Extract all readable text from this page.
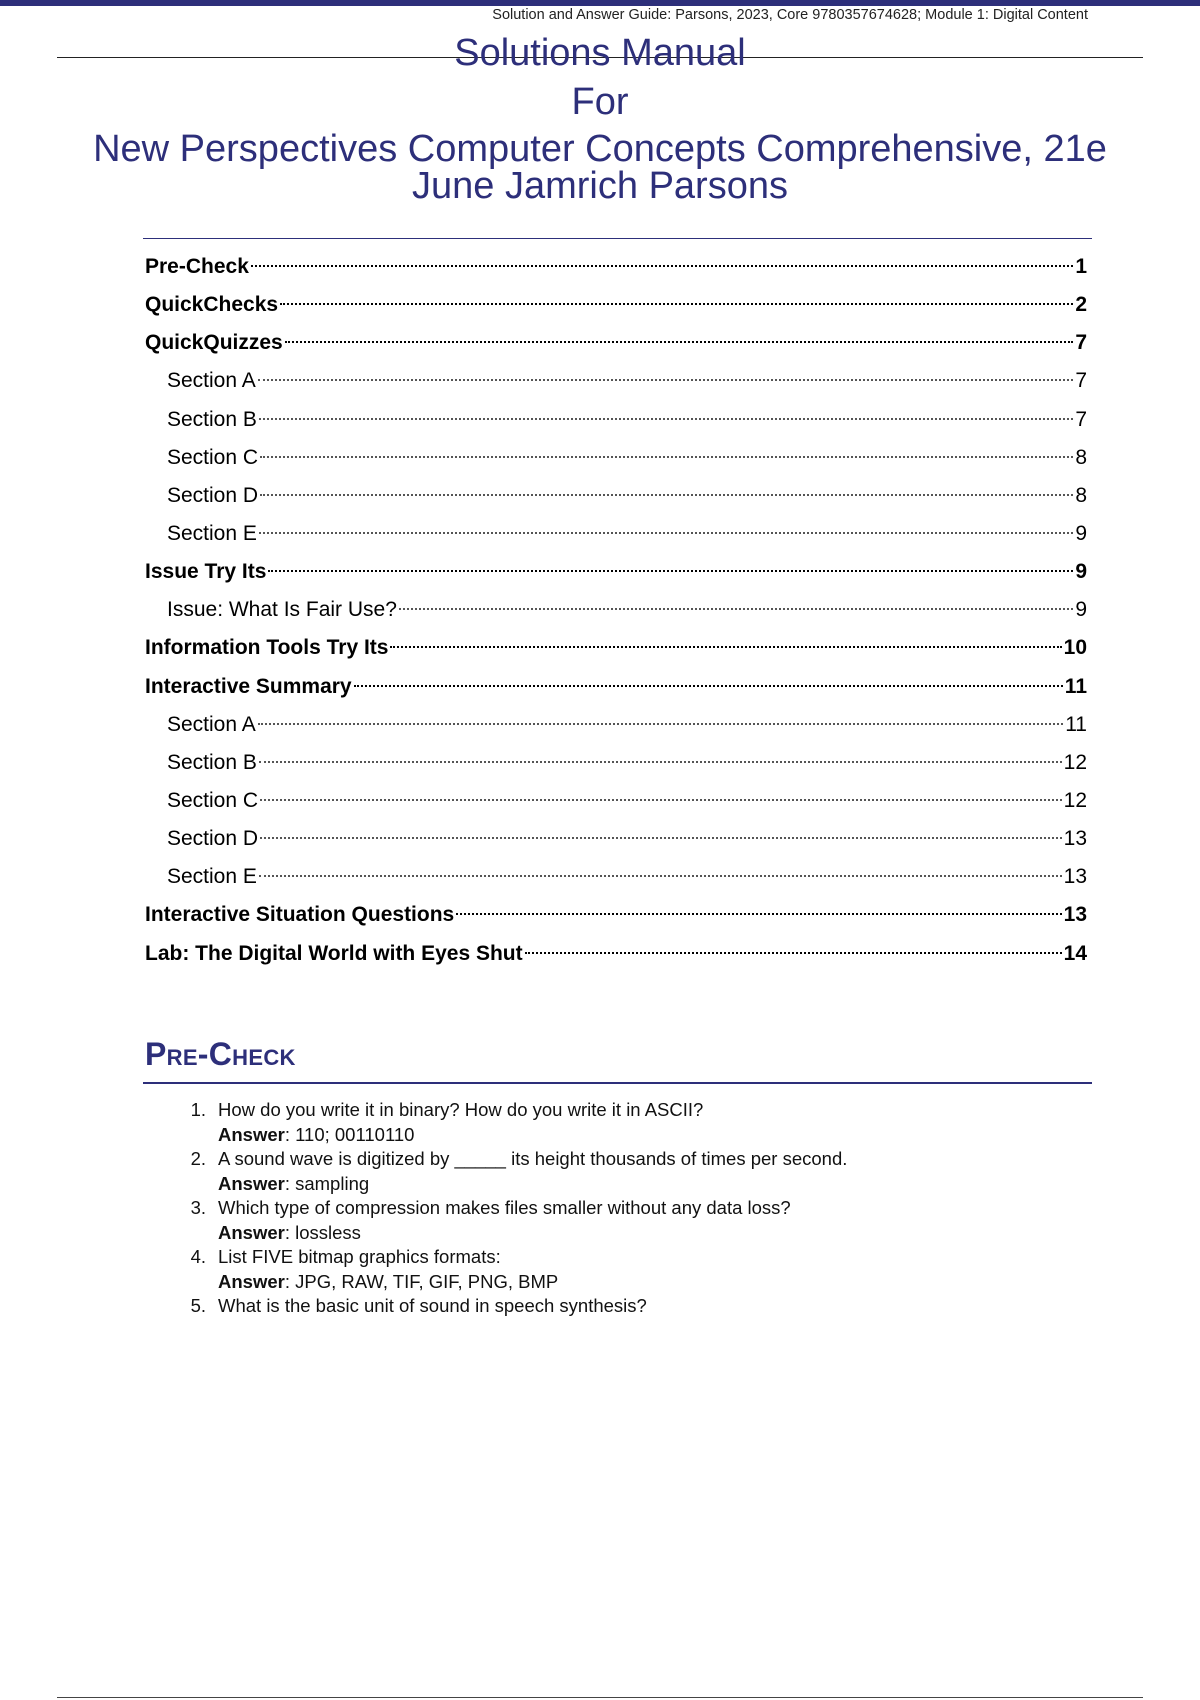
Solution and Answer Guide: Parsons, 2023, Core 9780357674628; Module 1: Digital Content
Solutions Manual
For
New Perspectives Computer Concepts Comprehensive, 21e
June Jamrich Parsons
Pre-Check	1
QuickChecks	2
QuickQuizzes	7
Section A	7
Section B	7
Section C	8
Section D	8
Section E	9
Issue Try Its	9
Issue: What Is Fair Use?	9
Information Tools Try Its	10
Interactive Summary	11
Section A	11
Section B	12
Section C	12
Section D	13
Section E	13
Interactive Situation Questions	13
Lab: The Digital World with Eyes Shut	14
Pre-Check
1. How do you write it in binary? How do you write it in ASCII?
Answer: 110; 00110110
2. A sound wave is digitized by _____ its height thousands of times per second.
Answer: sampling
3. Which type of compression makes files smaller without any data loss?
Answer: lossless
4. List FIVE bitmap graphics formats:
Answer: JPG, RAW, TIF, GIF, PNG, BMP
5. What is the basic unit of sound in speech synthesis?
